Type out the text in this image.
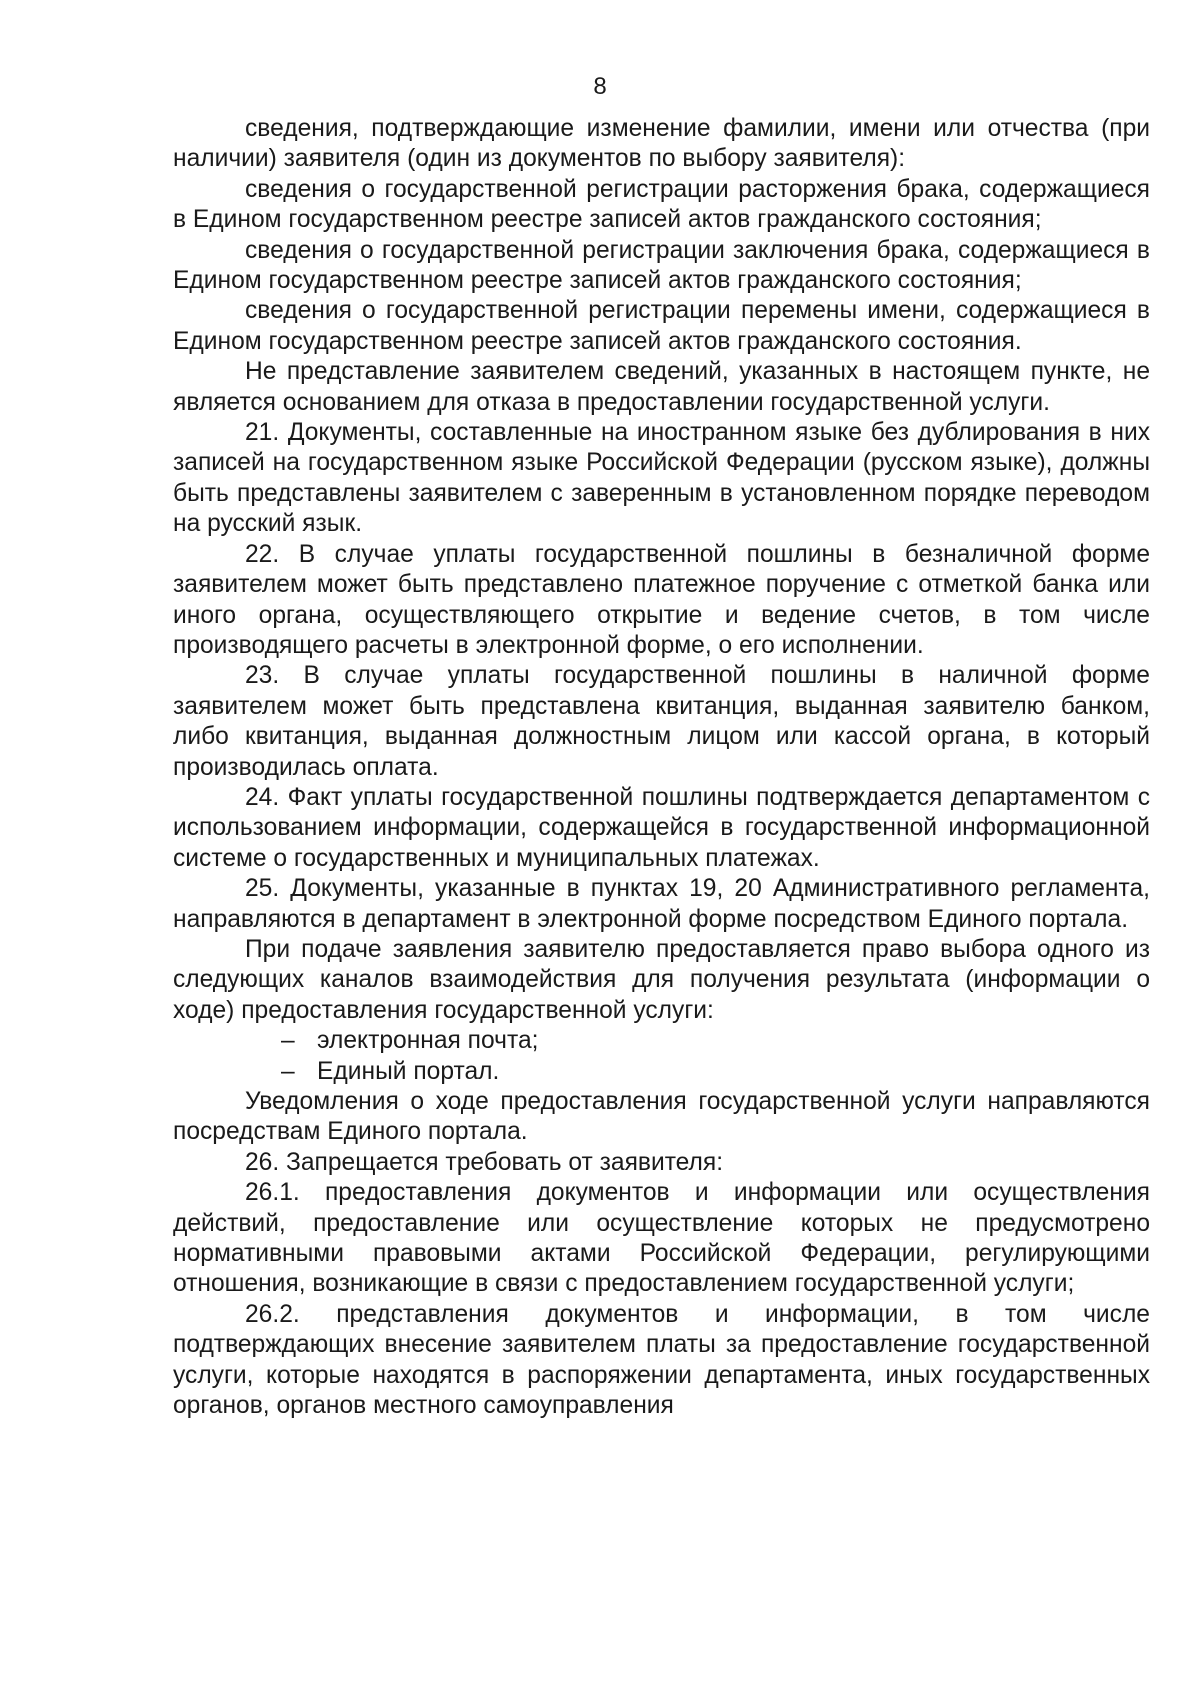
8

сведения, подтверждающие изменение фамилии, имени или отчества (при наличии) заявителя (один из документов по выбору заявителя):

сведения о государственной регистрации расторжения брака, содержащиеся в Едином государственном реестре записей актов гражданского состояния;

сведения о государственной регистрации заключения брака, содержащиеся в Едином государственном реестре записей актов гражданского состояния;

сведения о государственной регистрации перемены имени, содержащиеся в Едином государственном реестре записей актов гражданского состояния.

Не представление заявителем сведений, указанных в настоящем пункте, не является основанием для отказа в предоставлении государственной услуги.

21. Документы, составленные на иностранном языке без дублирования в них записей на государственном языке Российской Федерации (русском языке), должны быть представлены заявителем с заверенным в установленном порядке переводом на русский язык.

22. В случае уплаты государственной пошлины в безналичной форме заявителем может быть представлено платежное поручение с отметкой банка или иного органа, осуществляющего открытие и ведение счетов, в том числе производящего расчеты в электронной форме, о его исполнении.

23. В случае уплаты государственной пошлины в наличной форме заявителем может быть представлена квитанция, выданная заявителю банком, либо квитанция, выданная должностным лицом или кассой органа, в который производилась оплата.

24. Факт уплаты государственной пошлины подтверждается департаментом с использованием информации, содержащейся в государственной информационной системе о государственных и муниципальных платежах.

25. Документы, указанные в пунктах 19, 20 Административного регламента, направляются в департамент в электронной форме посредством Единого портала.

При подаче заявления заявителю предоставляется право выбора одного из следующих каналов взаимодействия для получения результата (информации о ходе) предоставления государственной услуги:

– электронная почта;

– Единый портал.

Уведомления о ходе предоставления государственной услуги направляются посредствам Единого портала.

26. Запрещается требовать от заявителя:

26.1. предоставления документов и информации или осуществления действий, предоставление или осуществление которых не предусмотрено нормативными правовыми актами Российской Федерации, регулирующими отношения, возникающие в связи с предоставлением государственной услуги;

26.2. представления документов и информации, в том числе подтверждающих внесение заявителем платы за предоставление государственной услуги, которые находятся в распоряжении департамента, иных государственных органов, органов местного самоуправления
